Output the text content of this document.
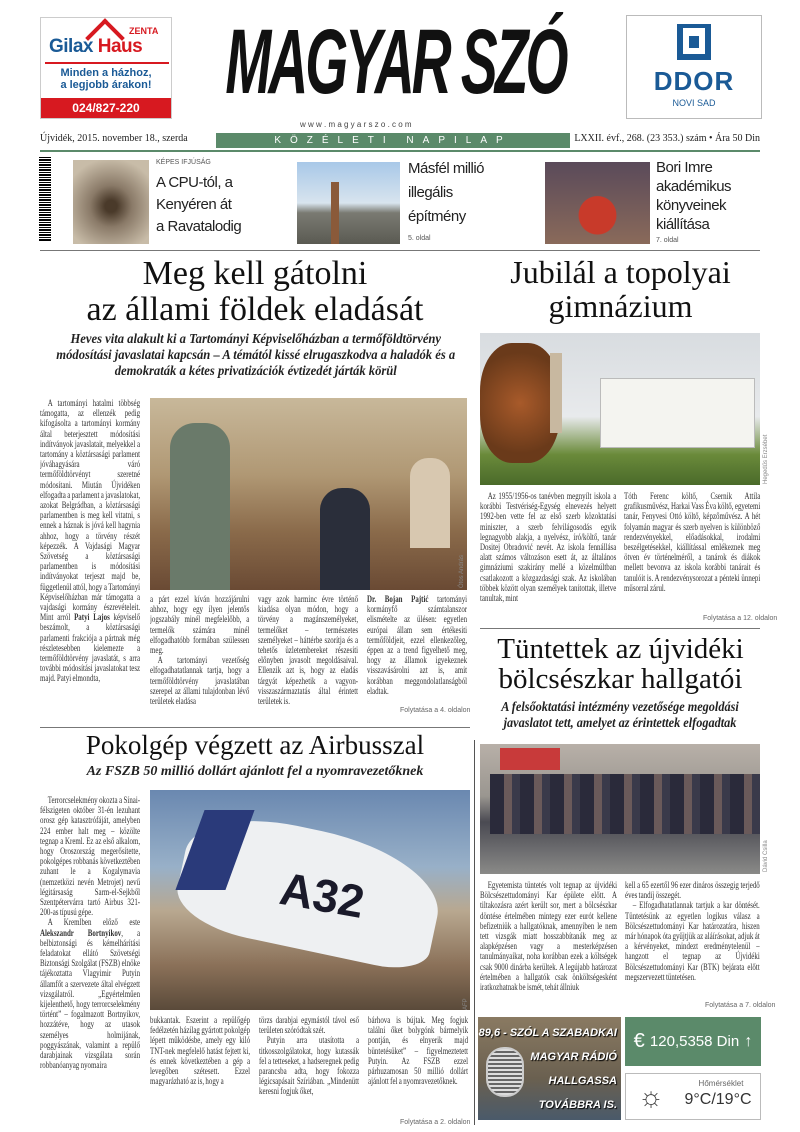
ZENTA
Gilax Haus
Minden a házhoz,
a legjobb árakon!
024/827-220 MAGYAR SZÓ
w w w . m a g y a r s z o . c o m
DDOR
NOVI SAD
Újvidék, 2015. november 18., szerda	KÖZÉLETI NAPILAP	LXXII. évf., 268. (23 353.) szám • Ára 50 Din
KÉPES IFJÚSÁG
A CPU-tól, a
Kenyéren át
a Ravatalodig
Másfél millió
illegális
építmény
5. oldal
Bori Imre
akadémikus
könyveinek
kiállítása
7. oldal
Meg kell gátolni
az állami földek eladását
Heves vita alakult ki a Tartományi Képviselőházban a termőföldtörvény módosítási javaslatai kapcsán – A témától kissé elrugaszkodva a haladók és a demokraták a kétes privatizációk évtizedét járták körül

A tartományi hatalmi többség támogatta, az ellenzék pedig kifogásolta a tartományi kormány által beterjesztett módosítási indítványok javaslatait, melyekkel a tartomány a köztársasági parlament jóváhagyására váró termőföldtörvényt szeretné módosítani. Miután Újvidéken elfogadta a parlament a javaslatokat, azokat Belgrádban, a köztársasági parlamentben is meg kell vitatni, s ennek a háznak is jóvá kell hagynia ahhoz, hogy a törvény részét képezzék. A Vajdasági Magyar Szövetség a köztársasági parlamentben is módosítási indítványokat terjeszt majd be, függetlenül attól, hogy a Tartományi Képviselőházban már támogatta a vajdasági kormány észrevételeit. Mint arról Patyi Lajos képviselő beszámolt, a köztársasági parlamenti frakciója a pártnak még részletesebben kielemezte a termőföldtörvény javaslatát, s arra további módosítási javaslatokat tesz majd. Patyi elmondta,

Ótos András

a párt ezzel kíván hozzájárulni ahhoz, hogy egy ilyen jelentős jogszabály minél megfelelőbb, a termelők számára minél elfogadhatóbb formában szülessen meg.

A tartományi vezetőség elfogadhatatlannak tartja, hogy a termőföldtörvény javaslatában szerepel az állami tulajdonban lévő területek eladása

vagy azok harminc évre történő kiadása olyan módon, hogy a törvény a magánszemélyeket, termelőket – természetes személyeket – háttérbe szorítja és a tehetős üzletembereket részesíti előnyben javasolt megoldásaival. Ellenzik azt is, hogy az eladás tárgyát képezhetik a vagyon-visszaszármaztatás által érintett területek is.

Dr. Bojan Pajtić tartományi kormányfő számtalanszor elismételte az ülésen: egyetlen európai állam sem értékesíti termőföldjeit, ezzel ellenkezőleg, éppen az a trend figyelhető meg, hogy az államok igyekeznek visszavásárolni azt is, amit korábban meggondolatlanságból eladtak.

Folytatása a 4. oldalon
Pokolgép végzett az Airbusszal
Az FSZB 50 millió dollárt ajánlott fel a nyomravezetőknek

Terrorcselekmény okozta a Sínai-félszigeten október 31-én lezuhant orosz gép katasztrófáját, amelyben 224 ember halt meg – közölte tegnap a Kreml. Ez az első alkalom, hogy Oroszország megerősítette, pokolgépes robbanás következtében zuhant le a Kogalymavia (nemzetközi nevén Metrojet) nevű légitársaság Sarm-el-Sejkből Szentpétervárra tartó Airbus 321-200-as típusú gépe.

A Kremlben előző este Alekszandr Bortnyikov, a belbiztonsági és kémelhárítási feladatokat ellátó Szövetségi Biztonsági Szolgálat (FSZB) elnöke tájékoztatta Vlagyimir Putyin államfőt a szervezete által elvégzett vizsgálatról. „Egyértelműen kijelenthető, hogy terrorcselekmény történt” – fogalmazott Bortnyikov, hozzátéve, hogy az utasok személyes holmijának, poggyászának, valamint a repülő darabjainak vizsgálata során robbanóanyag nyomaira

A32
AFP

bukkantak. Eszerint a repülőgép fedélzetén házilag gyártott pokolgép lépett működésbe, amely egy kiló TNT-nek megfelelő hatást fejtett ki, és ennek következtében a gép a levegőben szétesett. Ezzel magyarázható az is, hogy a

törzs darabjai egymástól távol eső területen szóródtak szét.

Putyin arra utasította a titkosszolgálatokat, hogy kutassák fel a tetteseket, a hadseregnek pedig parancsba adta, hogy fokozza légicsapásait Szíriában. „Mindenütt keresni fogjuk őket,

bárhova is bújtak. Meg fogjuk találni őket bolygónk bármelyik pontján, és elnyerik majd büntetésüket” – figyelmeztetett Putyin. Az FSZB ezzel párhuzamosan 50 millió dollárt ajánlott fel a nyomravezetőknek.

Folytatása a 2. oldalon
Jubilál a topolyai
gimnázium
Hegedűs Erzsébet

Az 1955/1956-os tanévben megnyílt iskola a korábbi Testvériség-Egység elnevezés helyett 1992-ben vette fel az első szerb közoktatási miniszter, a szerb felvilágosodás egyik legnagyobb alakja, a nyelvész, író/költő, tanár Dositej Obradović nevét. Az iskola fennállása alatt számos változáson esett át, az általános gimnáziumi szakirány mellé a közelmúltban csatlakozott a közgazdasági szak. Az iskolában többek között olyan személyek tanítottak, illetve tanultak, mint

Tóth Ferenc költő, Csernik Attila grafikusművész, Harkai Vass Éva költő, egyetemi tanár, Fenyvesi Ottó költő, képzőművész. A hét folyamán magyar és szerb nyelven is különböző rendezvényekkel, előadásokkal, irodalmi beszélgetésekkel, kiállítással emlékeznek meg ötven év történelméről, a tanárok és diákok mellett bevonva az iskola korábbi tanárait és tanulóit is. A rendezvénysorozat a pénteki ünnepi műsorral zárul.

Folytatása a 12. oldalon
Tüntettek az újvidéki
bölcsészkar hallgatói
A felsőoktatási intézmény vezetősége megoldási javaslatot tett, amelyet az érintettek elfogadtak
Dávid Csilla

Egyetemista tüntetés volt tegnap az újvidéki Bölcsészettudományi Kar épülete előtt. A tiltakozásra azért került sor, mert a bölcsészkar döntése értelmében mintegy ezer eurót kellene befizetniük a hallgatóknak, amennyiben le nem tett vizsgák miatt hosszabbítanák meg az alapképzésen vagy a mesterképzésen tanulmányaikat, noha korábban ezek a költségek csak 9000 dinárba kerültek. A legújabb határozat értelmében a hallgatók csak önköltségesként iratkozhatnak be ismét, tehát állniuk

kell a 65 ezertől 96 ezer dináros összegig terjedő éves tandíj összegét.

– Elfogadhatatlannak tartjuk a kar döntését. Tüntetésünk az egyetlen logikus válasz a Bölcsészettudományi Kar határozatára, hiszen már hónapok óta gyűjtjük az aláírásokat, adjuk át a kérvényeket, mindezt eredménytelenül – hangzott el tegnap az Újvidéki Bölcsészettudományi Kar (BTK) bejárata előtt megszervezett tüntetésen.

Folytatása a 7. oldalon
89,6 - SZÓL A SZABADKAI
MAGYAR RÁDIÓ
HALLGASSA
TOVÁBBRA IS.
€ 120,5358 Din ↑
☼	Hőmérséklet
9°C/19°C
